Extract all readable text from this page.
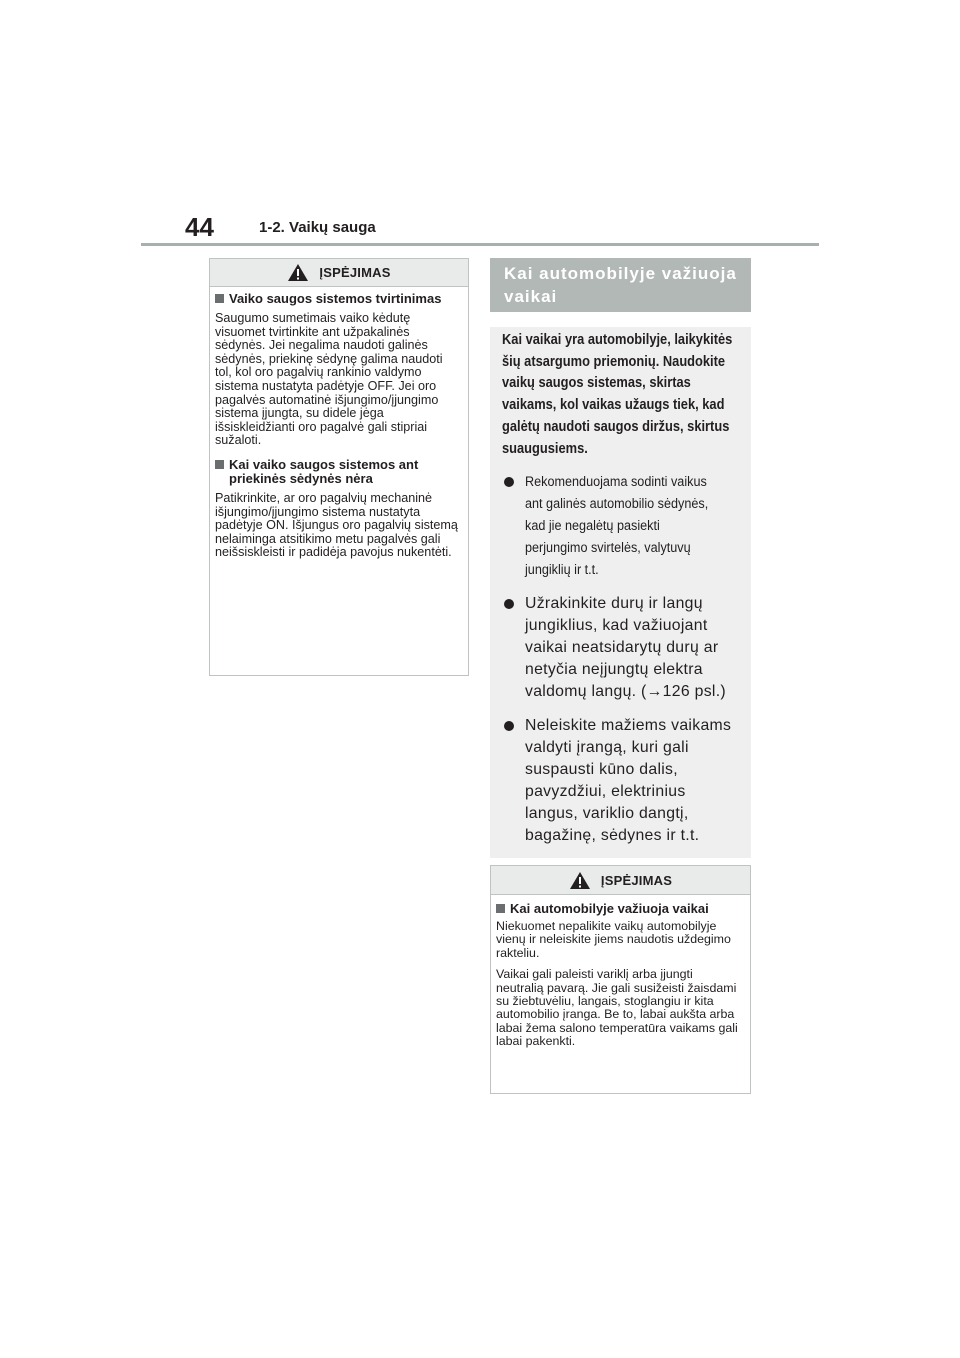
44	1-2. Vaikų sauga
ĮSPĖJIMAS
Vaiko saugos sistemos tvirtinimas
Saugumo sumetimais vaiko kėdutę visuomet tvirtinkite ant užpakalinės sėdynės. Jei negalima naudoti galinės sėdynės, priekinę sėdynę galima naudoti tol, kol oro pagalvių rankinio valdymo sistema nustatyta padėtyje OFF. Jei oro pagalvės automatinė išjungimo/įjungimo sistema įjungta, su didele jėga išsiskleidžianti oro pagalvė gali stipriai sužaloti.
Kai vaiko saugos sistemos ant priekinės sėdynės nėra
Patikrinkite, ar oro pagalvių mechaninė išjungimo/įjungimo sistema nustatyta padėtyje ON. Išjungus oro pagalvių sistemą nelaiminga atsitikimo metu pagalvės gali neišsiskleisti ir padidėja pavojus nukentėti.
Kai automobilyje važiuoja vaikai
Kai vaikai yra automobilyje, laikykitės šių atsargumo priemonių. Naudokite vaikų saugos sistemas, skirtas vaikams, kol vaikas užaugs tiek, kad galėtų naudoti saugos diržus, skirtus suaugusiems.
Rekomenduojama sodinti vaikus ant galinės automobilio sėdynės, kad jie negalėtų pasiekti perjungimo svirtelės, valytuvų jungiklių ir t.t.
Užrakinkite durų ir langų jungiklius, kad važiuojant vaikai neatsidarytų durų ar netyčia neįjungtų elektra valdomų langų. (→126 psl.)
Neleiskite mažiems vaikams valdyti įrangą, kuri gali suspausti kūno dalis, pavyzdžiui, elektrinius langus, variklio dangtį, bagažinę, sėdynes ir t.t.
ĮSPĖJIMAS
Kai automobilyje važiuoja vaikai
Niekuomet nepalikite vaikų automobilyje vienų ir neleiskite jiems naudotis uždegimo rakteliu.
Vaikai gali paleisti variklį arba įjungti neutralią pavarą. Jie gali susižeisti žaisdami su žiebtuvėliu, langais, stoglangiu ir kita automobilio įranga. Be to, labai aukšta arba labai žema salono temperatūra vaikams gali labai pakenkti.
